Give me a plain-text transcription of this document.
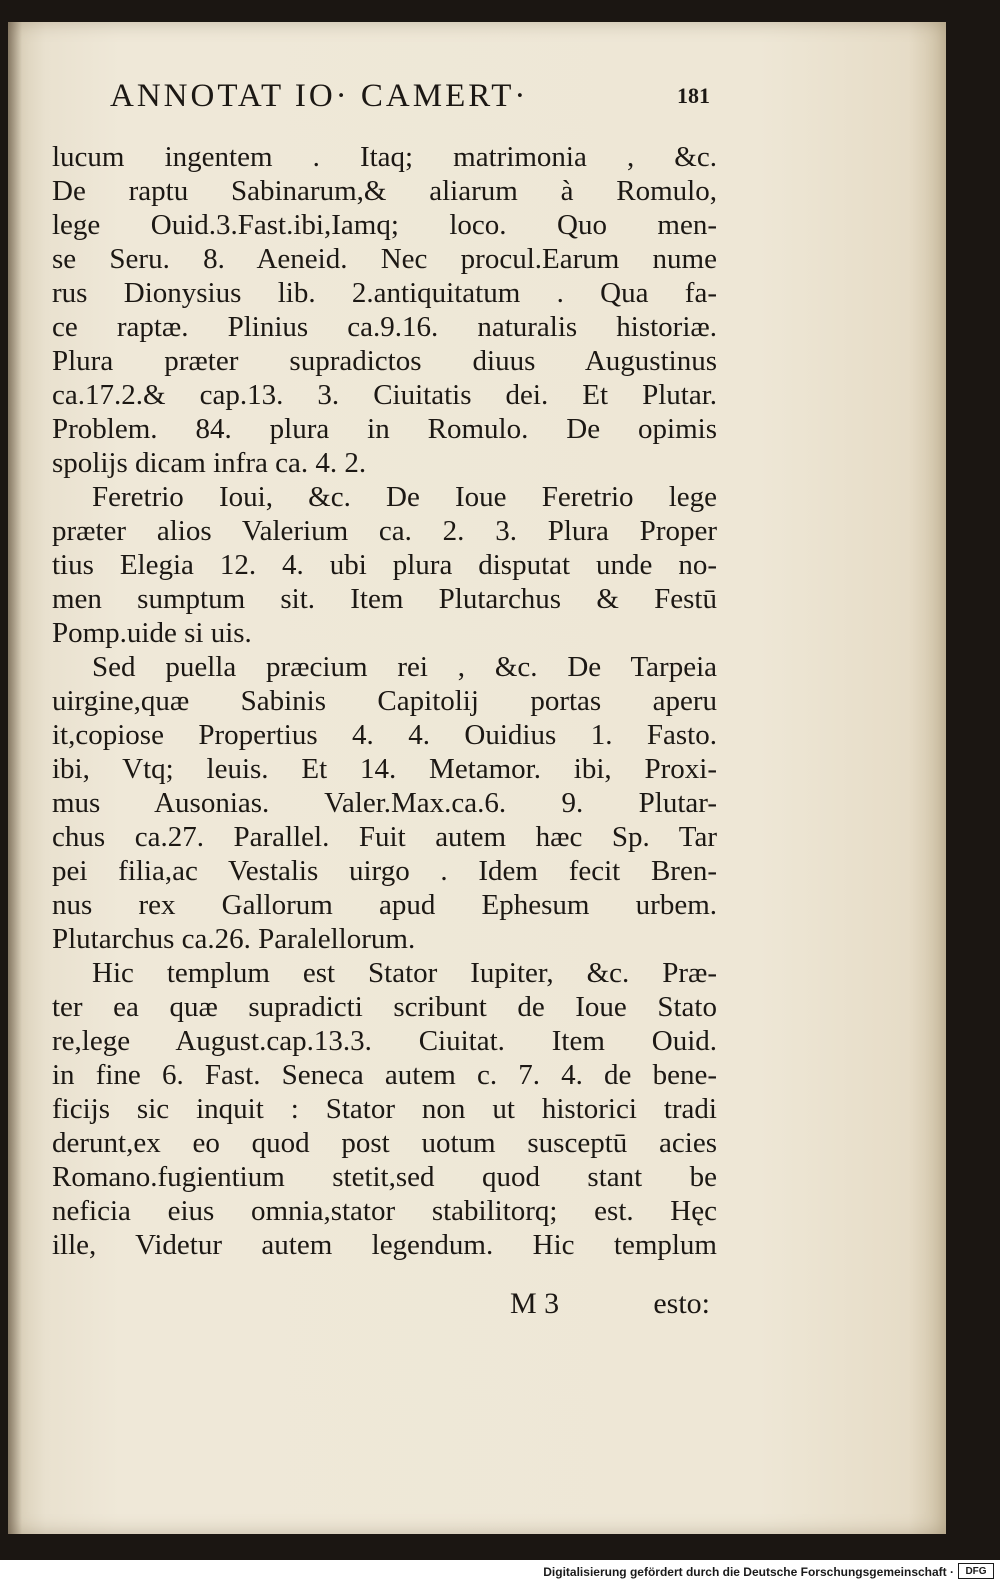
ANNOTAT IO· CAMERT·	181
lucum ingentem . Itaq; matrimonia , &c.
De raptu Sabinarum,& aliarum à Romulo,
lege Ouid.3.Fast.ibi,Iamq; loco. Quo men-
se Seru. 8. Aeneid. Nec procul.Earum nume
rus Dionysius lib. 2.antiquitatum . Qua fa-
ce raptæ. Plinius ca.9.16. naturalis historiæ.
Plura præter supradictos diuus Augustinus
ca.17.2.& cap.13. 3. Ciuitatis dei. Et Plutar.
Problem. 84. plura in Romulo. De opimis
spolijs dicam infra ca. 4. 2.
Feretrio Ioui, &c. De Ioue Feretrio lege
præter alios Valerium ca. 2. 3. Plura Proper
tius Elegia 12. 4. ubi plura disputat unde no-
men sumptum sit. Item Plutarchus & Festū
Pomp.uide si uis.
Sed puella præcium rei , &c. De Tarpeia
uirgine,quæ Sabinis Capitolij portas aperu
it,copiose Propertius 4. 4. Ouidius 1. Fasto.
ibi, Vtq; leuis. Et 14. Metamor. ibi, Proxi-
mus Ausonias. Valer.Max.ca.6. 9. Plutar-
chus ca.27. Parallel. Fuit autem hæc Sp. Tar
pei filia,ac Vestalis uirgo . Idem fecit Bren-
nus rex Gallorum apud Ephesum urbem.
Plutarchus ca.26. Paralellorum.
Hic templum est Stator Iupiter, &c. Præ-
ter ea quæ supradicti scribunt de Ioue Stato
re,lege August.cap.13.3. Ciuitat. Item Ouid.
in fine 6. Fast. Seneca autem c. 7. 4. de bene-
ficijs sic inquit : Stator non ut historici tradi
derunt,ex eo quod post uotum susceptū acies
Romano.fugientium stetit,sed quod stant be
neficia eius omnia,stator stabilitorq; est. Hęc
ille, Videtur autem legendum. Hic templum
M 3	esto:
Digitalisierung gefördert durch die Deutsche Forschungsgemeinschaft ·	DFG
